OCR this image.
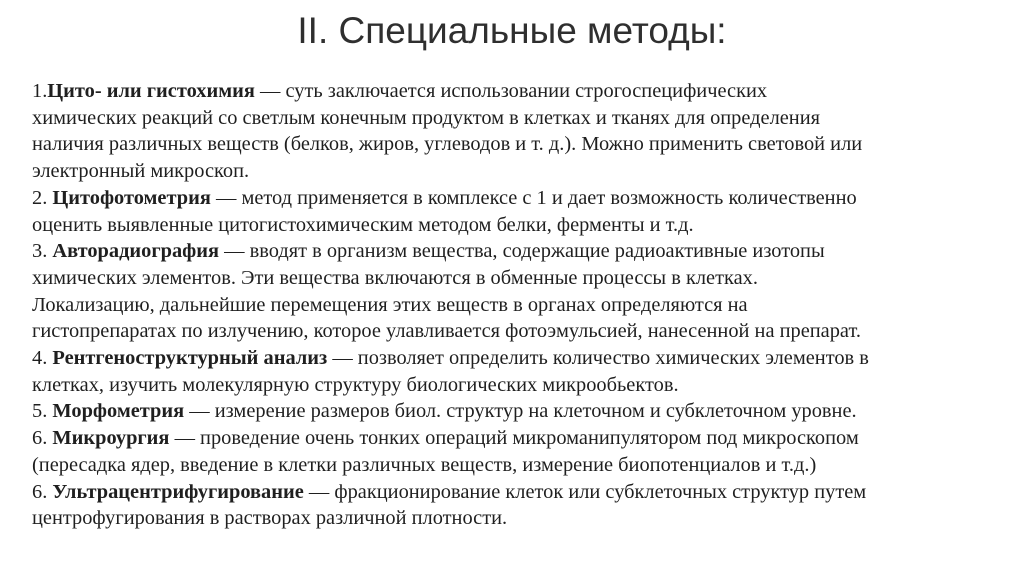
II. Специальные методы:
1.Цито- или гистохимия — суть заключается использовании строгоспецифических
химических реакций со светлым конечным продуктом в клетках и тканях для определения
наличия различных веществ (белков, жиров, углеводов и т. д.). Можно применить световой или
электронный микроскоп.
2. Цитофотометрия — метод применяется в комплексе с 1 и дает возможность количественно
оценить выявленные цитогистохимическим методом белки, ферменты и т.д.
3. Авторадиография — вводят в организм вещества, содержащие радиоактивные изотопы
химических элементов. Эти вещества включаются в обменные процессы в клетках.
Локализацию, дальнейшие перемещения этих веществ в органах определяются на
гистопрепаратах по излучению, которое улавливается фотоэмульсией, нанесенной на препарат.
4. Рентгеноструктурный анализ — позволяет определить количество химических элементов в
клетках, изучить молекулярную структуру биологических микрообьектов.
5. Морфометрия — измерение размеров биол. структур на клеточном и субклеточном уровне.
6. Микроургия — проведение очень тонких операций микроманипулятором под микроскопом
(пересадка ядер, введение в клетки различных веществ, измерение биопотенциалов и т.д.)
6. Ультрацентрифугирование — фракционирование клеток или субклеточных структур путем
центрофугирования в растворах различной плотности.
